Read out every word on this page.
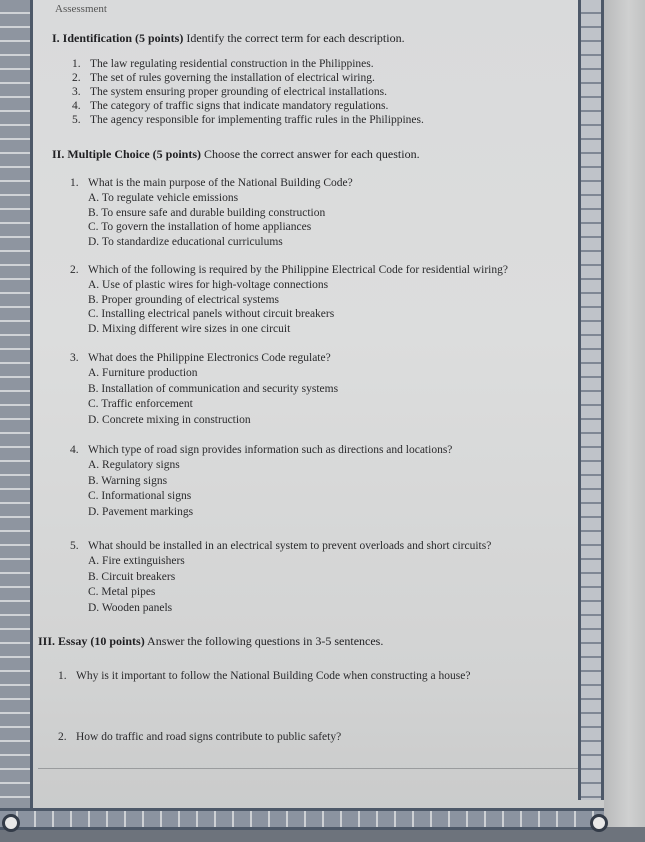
Assessment
I. Identification (5 points) Identify the correct term for each description.
1. The law regulating residential construction in the Philippines.
2. The set of rules governing the installation of electrical wiring.
3. The system ensuring proper grounding of electrical installations.
4. The category of traffic signs that indicate mandatory regulations.
5. The agency responsible for implementing traffic rules in the Philippines.
II. Multiple Choice (5 points) Choose the correct answer for each question.
1. What is the main purpose of the National Building Code?
A. To regulate vehicle emissions
B. To ensure safe and durable building construction
C. To govern the installation of home appliances
D. To standardize educational curriculums
2. Which of the following is required by the Philippine Electrical Code for residential wiring?
A. Use of plastic wires for high-voltage connections
B. Proper grounding of electrical systems
C. Installing electrical panels without circuit breakers
D. Mixing different wire sizes in one circuit
3. What does the Philippine Electronics Code regulate?
A. Furniture production
B. Installation of communication and security systems
C. Traffic enforcement
D. Concrete mixing in construction
4. Which type of road sign provides information such as directions and locations?
A. Regulatory signs
B. Warning signs
C. Informational signs
D. Pavement markings
5. What should be installed in an electrical system to prevent overloads and short circuits?
A. Fire extinguishers
B. Circuit breakers
C. Metal pipes
D. Wooden panels
III. Essay (10 points) Answer the following questions in 3-5 sentences.
1. Why is it important to follow the National Building Code when constructing a house?
2. How do traffic and road signs contribute to public safety?
